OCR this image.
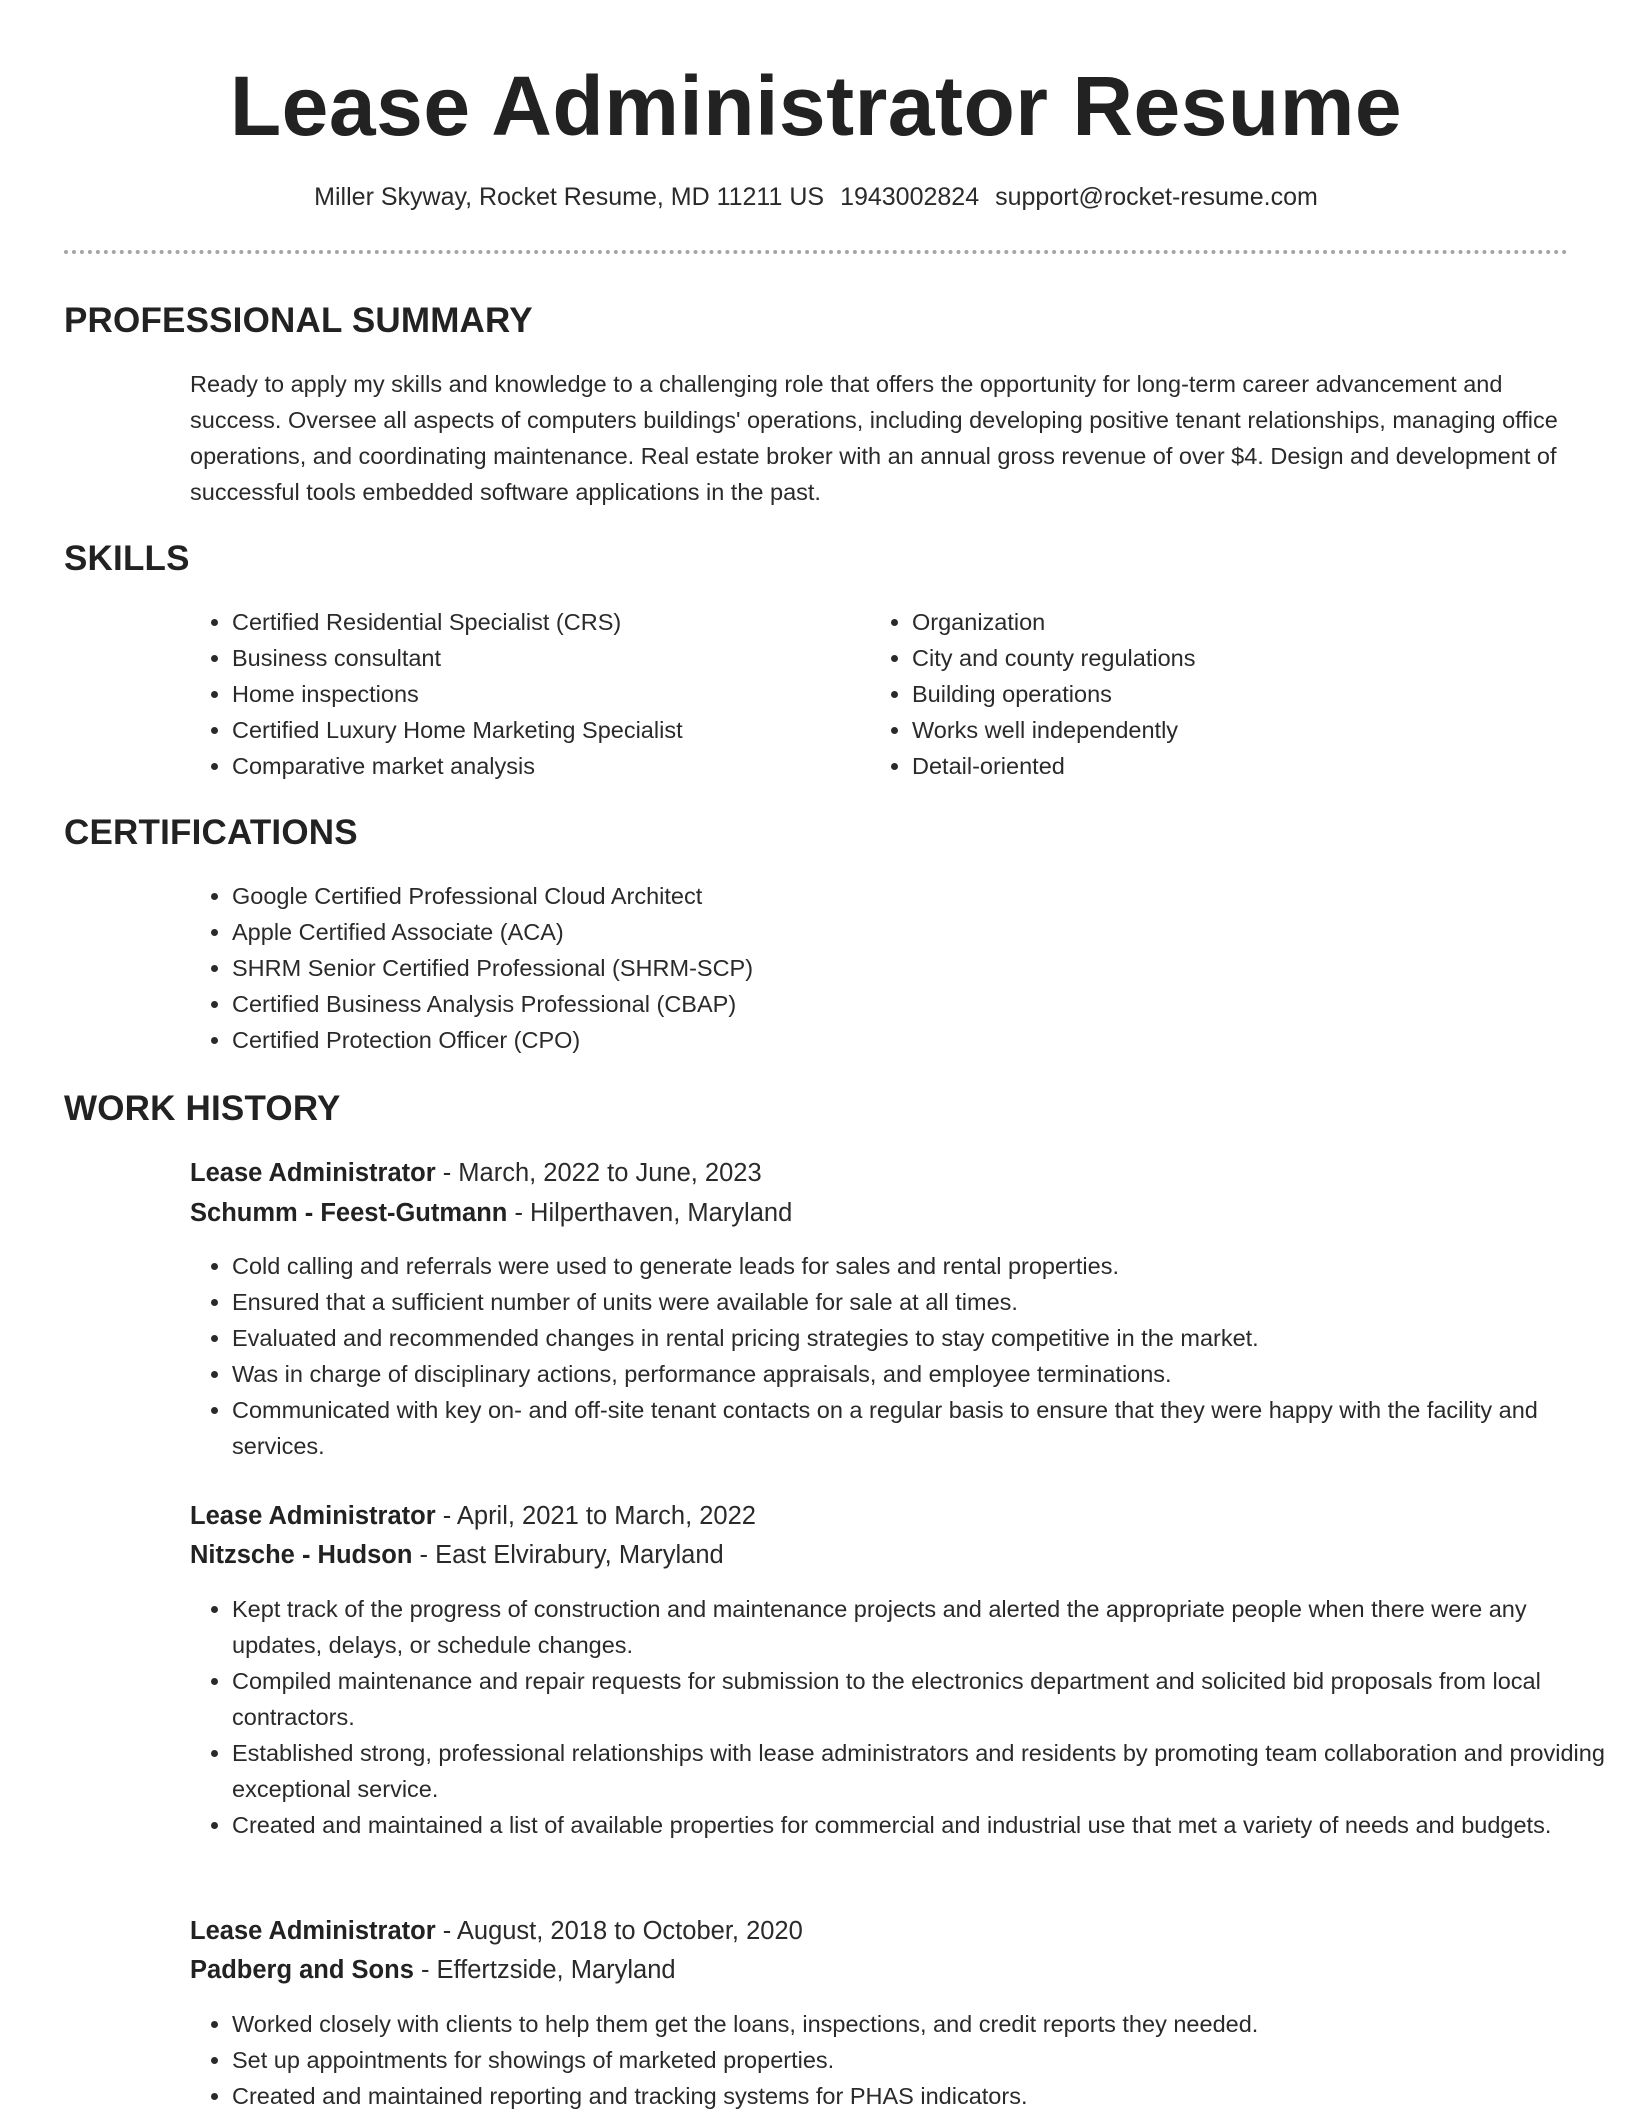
Lease Administrator Resume
Miller Skyway, Rocket Resume, MD 11211 US 1943002824 support@rocket-resume.com
PROFESSIONAL SUMMARY

Ready to apply my skills and knowledge to a challenging role that offers the opportunity for long-term career advancement and success. Oversee all aspects of computers buildings' operations, including developing positive tenant relationships, managing office operations, and coordinating maintenance. Real estate broker with an annual gross revenue of over $4. Design and development of successful tools embedded software applications in the past.

SKILLS
• Certified Residential Specialist (CRS)
• Business consultant
• Home inspections
• Certified Luxury Home Marketing Specialist
• Comparative market analysis
• Organization
• City and county regulations
• Building operations
• Works well independently
• Detail-oriented
CERTIFICATIONS
• Google Certified Professional Cloud Architect
• Apple Certified Associate (ACA)
• SHRM Senior Certified Professional (SHRM-SCP)
• Certified Business Analysis Professional (CBAP)
• Certified Protection Officer (CPO)
WORK HISTORY
Lease Administrator - March, 2022 to June, 2023
Schumm - Feest-Gutmann - Hilperthaven, Maryland
• Cold calling and referrals were used to generate leads for sales and rental properties.
• Ensured that a sufficient number of units were available for sale at all times.
• Evaluated and recommended changes in rental pricing strategies to stay competitive in the market.
• Was in charge of disciplinary actions, performance appraisals, and employee terminations.
• Communicated with key on- and off-site tenant contacts on a regular basis to ensure that they were happy with the facility and services.
Lease Administrator - April, 2021 to March, 2022
Nitzsche - Hudson - East Elvirabury, Maryland
• Kept track of the progress of construction and maintenance projects and alerted the appropriate people when there were any updates, delays, or schedule changes.
• Compiled maintenance and repair requests for submission to the electronics department and solicited bid proposals from local contractors.
• Established strong, professional relationships with lease administrators and residents by promoting team collaboration and providing exceptional service.
• Created and maintained a list of available properties for commercial and industrial use that met a variety of needs and budgets.
Lease Administrator - August, 2018 to October, 2020
Padberg and Sons - Effertzside, Maryland
• Worked closely with clients to help them get the loans, inspections, and credit reports they needed.
• Set up appointments for showings of marketed properties.
• Created and maintained reporting and tracking systems for PHAS indicators.
